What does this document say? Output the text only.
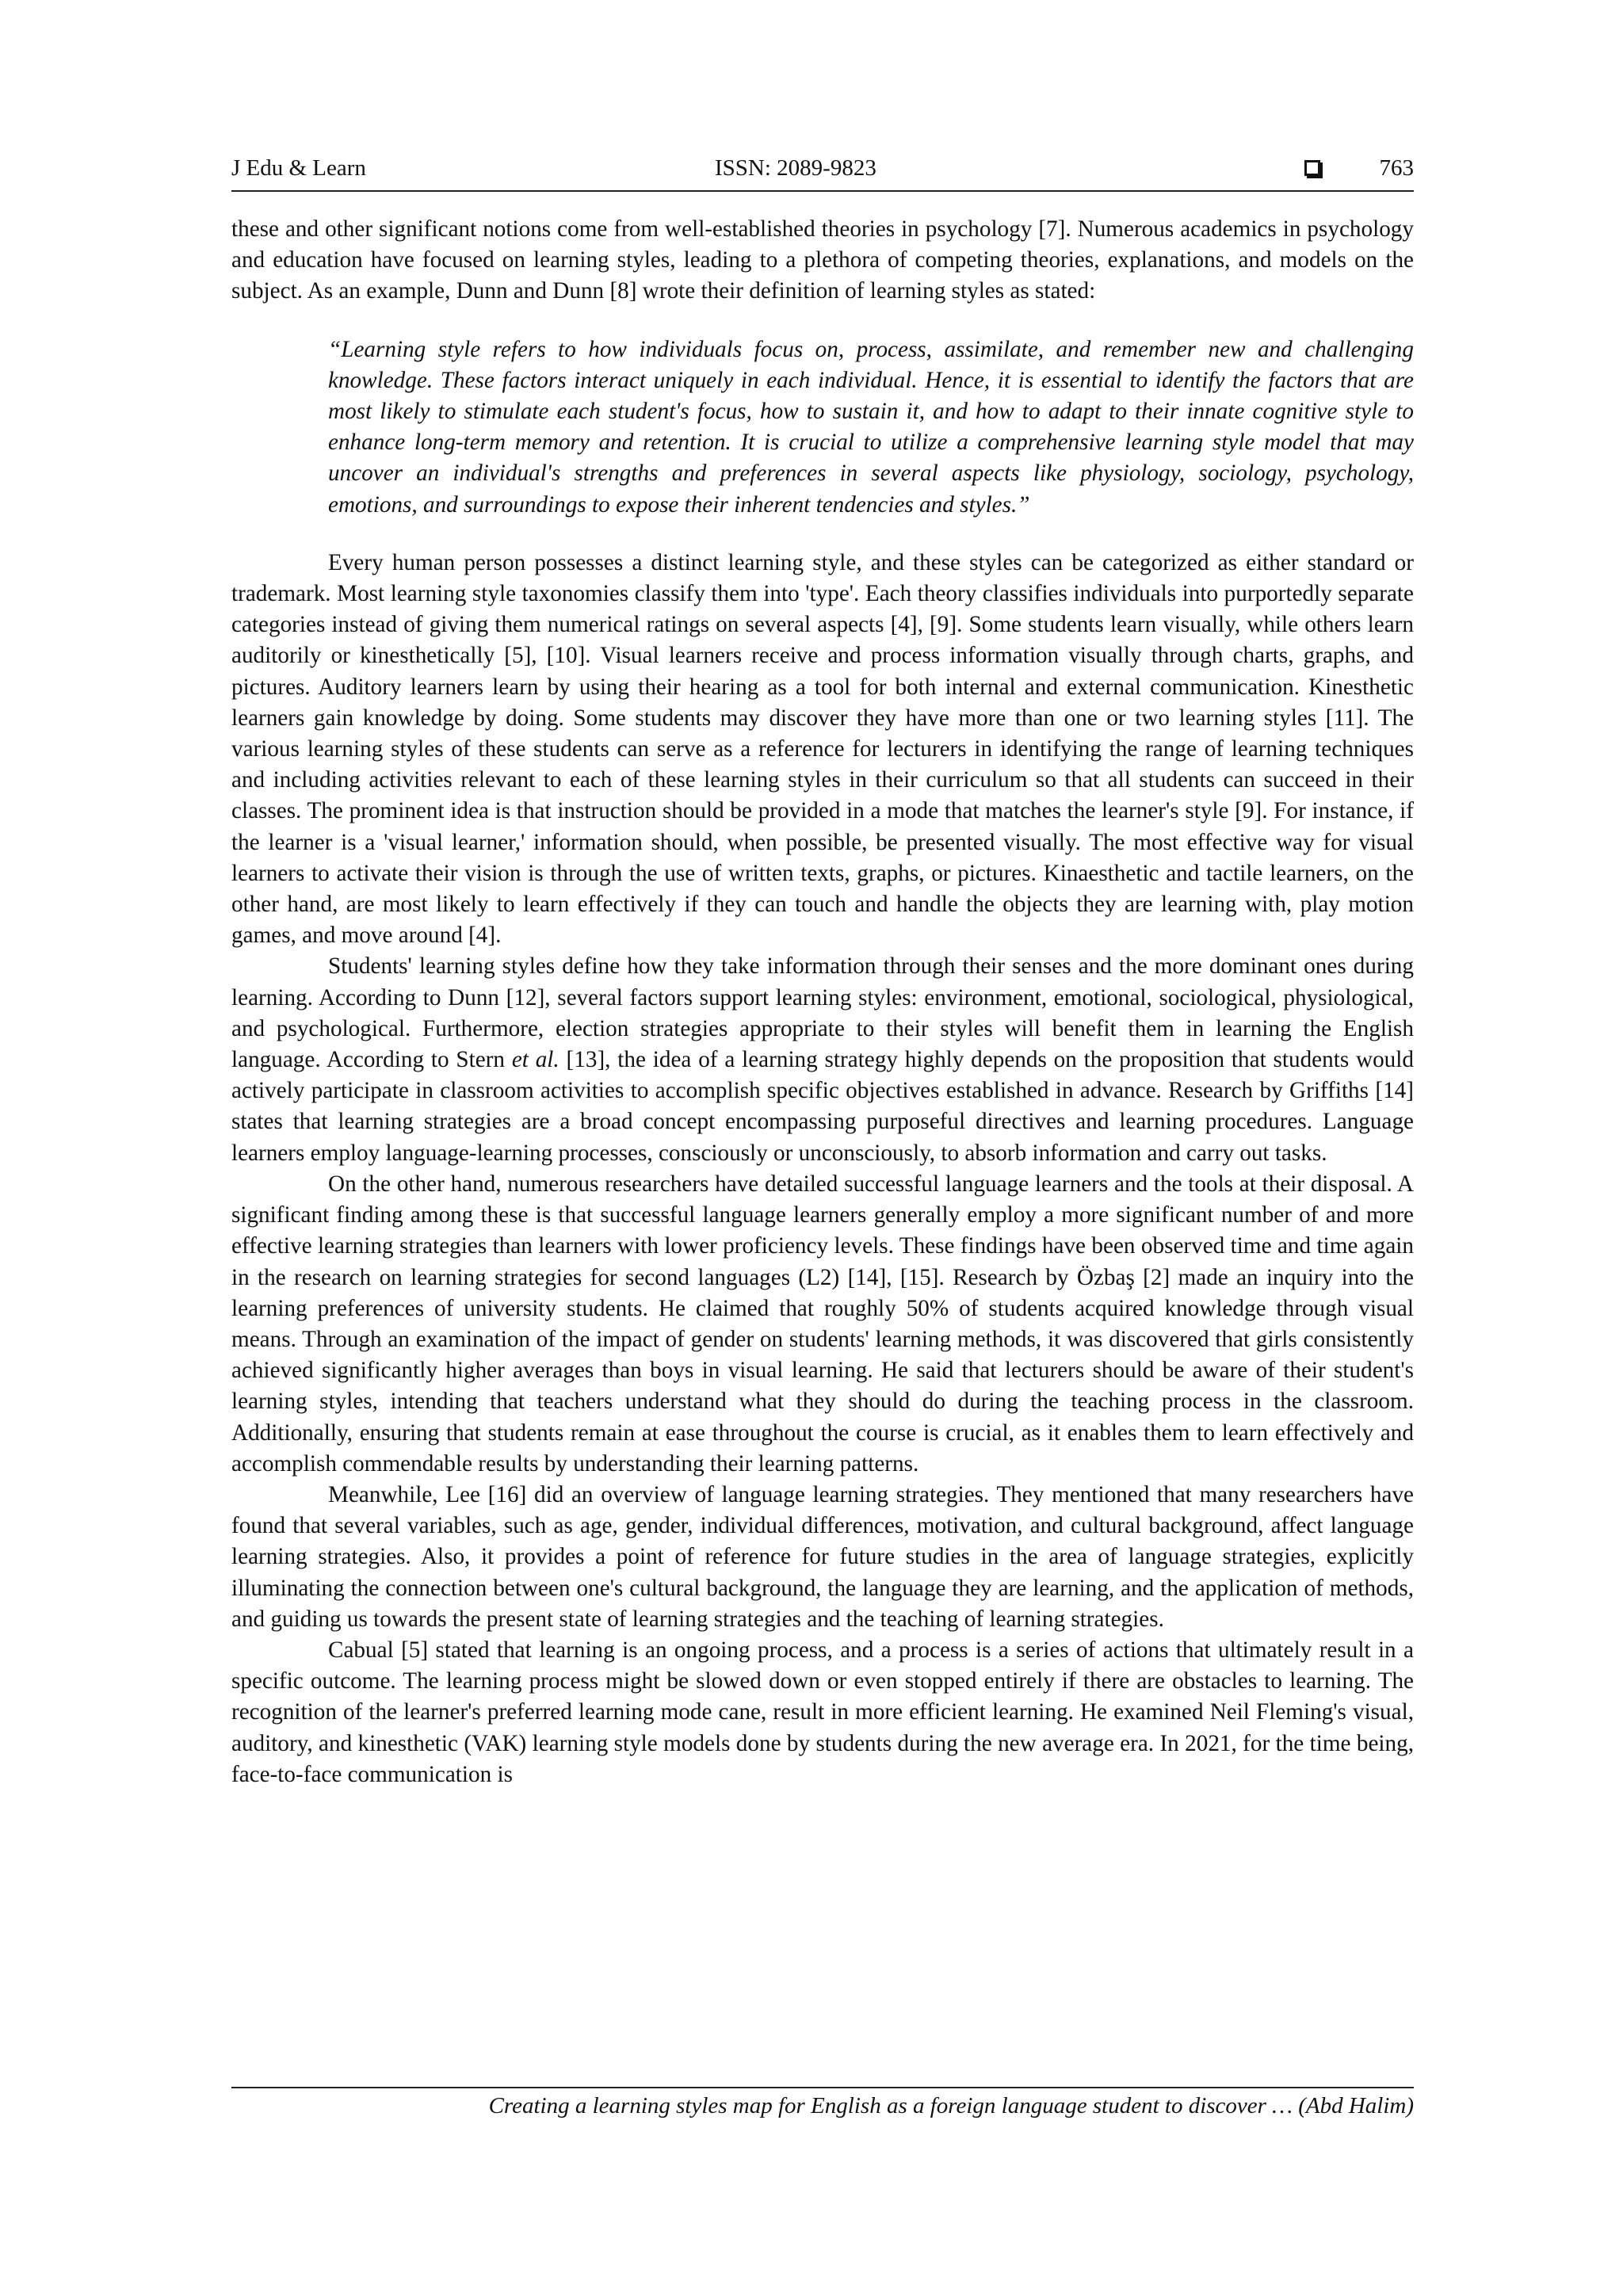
J Edu & Learn	ISSN: 2089-9823	763

these and other significant notions come from well-established theories in psychology [7]. Numerous academics in psychology and education have focused on learning styles, leading to a plethora of competing theories, explanations, and models on the subject. As an example, Dunn and Dunn [8] wrote their definition of learning styles as stated:

“Learning style refers to how individuals focus on, process, assimilate, and remember new and challenging knowledge. These factors interact uniquely in each individual. Hence, it is essential to identify the factors that are most likely to stimulate each student's focus, how to sustain it, and how to adapt to their innate cognitive style to enhance long-term memory and retention. It is crucial to utilize a comprehensive learning style model that may uncover an individual's strengths and preferences in several aspects like physiology, sociology, psychology, emotions, and surroundings to expose their inherent tendencies and styles.”

Every human person possesses a distinct learning style, and these styles can be categorized as either standard or trademark. Most learning style taxonomies classify them into 'type'. Each theory classifies individuals into purportedly separate categories instead of giving them numerical ratings on several aspects [4], [9]. Some students learn visually, while others learn auditorily or kinesthetically [5], [10]. Visual learners receive and process information visually through charts, graphs, and pictures. Auditory learners learn by using their hearing as a tool for both internal and external communication. Kinesthetic learners gain knowledge by doing. Some students may discover they have more than one or two learning styles [11]. The various learning styles of these students can serve as a reference for lecturers in identifying the range of learning techniques and including activities relevant to each of these learning styles in their curriculum so that all students can succeed in their classes. The prominent idea is that instruction should be provided in a mode that matches the learner's style [9]. For instance, if the learner is a 'visual learner,' information should, when possible, be presented visually. The most effective way for visual learners to activate their vision is through the use of written texts, graphs, or pictures. Kinaesthetic and tactile learners, on the other hand, are most likely to learn effectively if they can touch and handle the objects they are learning with, play motion games, and move around [4].

Students' learning styles define how they take information through their senses and the more dominant ones during learning. According to Dunn [12], several factors support learning styles: environment, emotional, sociological, physiological, and psychological. Furthermore, election strategies appropriate to their styles will benefit them in learning the English language. According to Stern et al. [13], the idea of a learning strategy highly depends on the proposition that students would actively participate in classroom activities to accomplish specific objectives established in advance. Research by Griffiths [14] states that learning strategies are a broad concept encompassing purposeful directives and learning procedures. Language learners employ language-learning processes, consciously or unconsciously, to absorb information and carry out tasks.

On the other hand, numerous researchers have detailed successful language learners and the tools at their disposal. A significant finding among these is that successful language learners generally employ a more significant number of and more effective learning strategies than learners with lower proficiency levels. These findings have been observed time and time again in the research on learning strategies for second languages (L2) [14], [15]. Research by Özbaş [2] made an inquiry into the learning preferences of university students. He claimed that roughly 50% of students acquired knowledge through visual means. Through an examination of the impact of gender on students' learning methods, it was discovered that girls consistently achieved significantly higher averages than boys in visual learning. He said that lecturers should be aware of their student's learning styles, intending that teachers understand what they should do during the teaching process in the classroom. Additionally, ensuring that students remain at ease throughout the course is crucial, as it enables them to learn effectively and accomplish commendable results by understanding their learning patterns.

Meanwhile, Lee [16] did an overview of language learning strategies. They mentioned that many researchers have found that several variables, such as age, gender, individual differences, motivation, and cultural background, affect language learning strategies. Also, it provides a point of reference for future studies in the area of language strategies, explicitly illuminating the connection between one's cultural background, the language they are learning, and the application of methods, and guiding us towards the present state of learning strategies and the teaching of learning strategies.

Cabual [5] stated that learning is an ongoing process, and a process is a series of actions that ultimately result in a specific outcome. The learning process might be slowed down or even stopped entirely if there are obstacles to learning. The recognition of the learner's preferred learning mode cane, result in more efficient learning. He examined Neil Fleming's visual, auditory, and kinesthetic (VAK) learning style models done by students during the new average era. In 2021, for the time being, face-to-face communication is

Creating a learning styles map for English as a foreign language student to discover … (Abd Halim)
